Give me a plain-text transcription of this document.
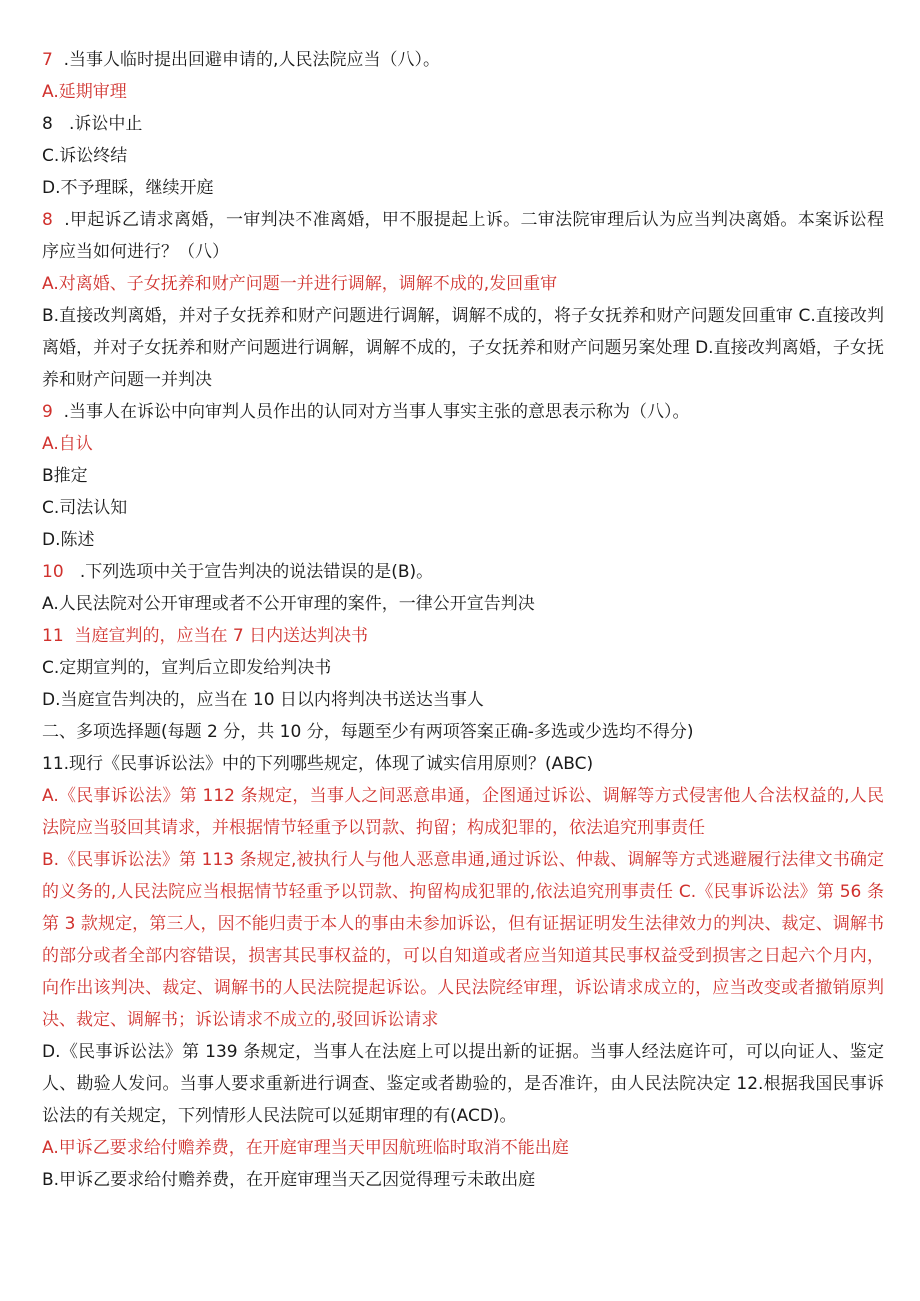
7  .当事人临时提出回避申请的,人民法院应当（八）。
A.延期审理
8   .诉讼中止
C.诉讼终结
D.不予理睬，继续开庭
8  .甲起诉乙请求离婚，一审判决不准离婚，甲不服提起上诉。二审法院审理后认为应当判决离婚。本案诉讼程序应当如何进行？（八）
A.对离婚、子女抚养和财产问题一并进行调解，调解不成的,发回重审
B.直接改判离婚，并对子女抚养和财产问题进行调解，调解不成的，将子女抚养和财产问题发回重审 C.直接改判离婚，并对子女抚养和财产问题进行调解，调解不成的，子女抚养和财产问题另案处理 D.直接改判离婚，子女抚养和财产问题一并判决
9  .当事人在诉讼中向审判人员作出的认同对方当事人事实主张的意思表示称为（八）。
A.自认
B推定
C.司法认知
D.陈述
10   .下列选项中关于宣告判决的说法错误的是(B)。
A.人民法院对公开审理或者不公开审理的案件，一律公开宣告判决
11  当庭宣判的，应当在 7 日内送达判决书
C.定期宣判的，宣判后立即发给判决书
D.当庭宣告判决的，应当在 10 日以内将判决书送达当事人
二、多项选择题(每题 2 分，共 10 分，每题至少有两项答案正确-多选或少选均不得分)
11.现行《民事诉讼法》中的下列哪些规定，体现了诚实信用原则？(ABC)
A.《民事诉讼法》第 112 条规定，当事人之间恶意串通，企图通过诉讼、调解等方式侵害他人合法权益的,人民法院应当驳回其请求，并根据情节轻重予以罚款、拘留；构成犯罪的，依法追究刑事责任
B.《民事诉讼法》第 113 条规定,被执行人与他人恶意串通,通过诉讼、仲裁、调解等方式逃避履行法律文书确定的义务的,人民法院应当根据情节轻重予以罚款、拘留构成犯罪的,依法追究刑事责任 C.《民事诉讼法》第 56 条第 3 款规定，第三人，因不能归责于本人的事由未参加诉讼，但有证据证明发生法律效力的判决、裁定、调解书的部分或者全部内容错误，损害其民事权益的，可以自知道或者应当知道其民事权益受到损害之日起六个月内，向作出该判决、裁定、调解书的人民法院提起诉讼。人民法院经审理，诉讼请求成立的，应当改变或者撤销原判决、裁定、调解书；诉讼请求不成立的,驳回诉讼请求
D.《民事诉讼法》第 139 条规定，当事人在法庭上可以提出新的证据。当事人经法庭许可，可以向证人、鉴定人、勘验人发问。当事人要求重新进行调查、鉴定或者勘验的，是否准许，由人民法院决定 12.根据我国民事诉讼法的有关规定，下列情形人民法院可以延期审理的有(ACD)。
A.甲诉乙要求给付赡养费，在开庭审理当天甲因航班临时取消不能出庭
B.甲诉乙要求给付赡养费，在开庭审理当天乙因觉得理亏未敢出庭
